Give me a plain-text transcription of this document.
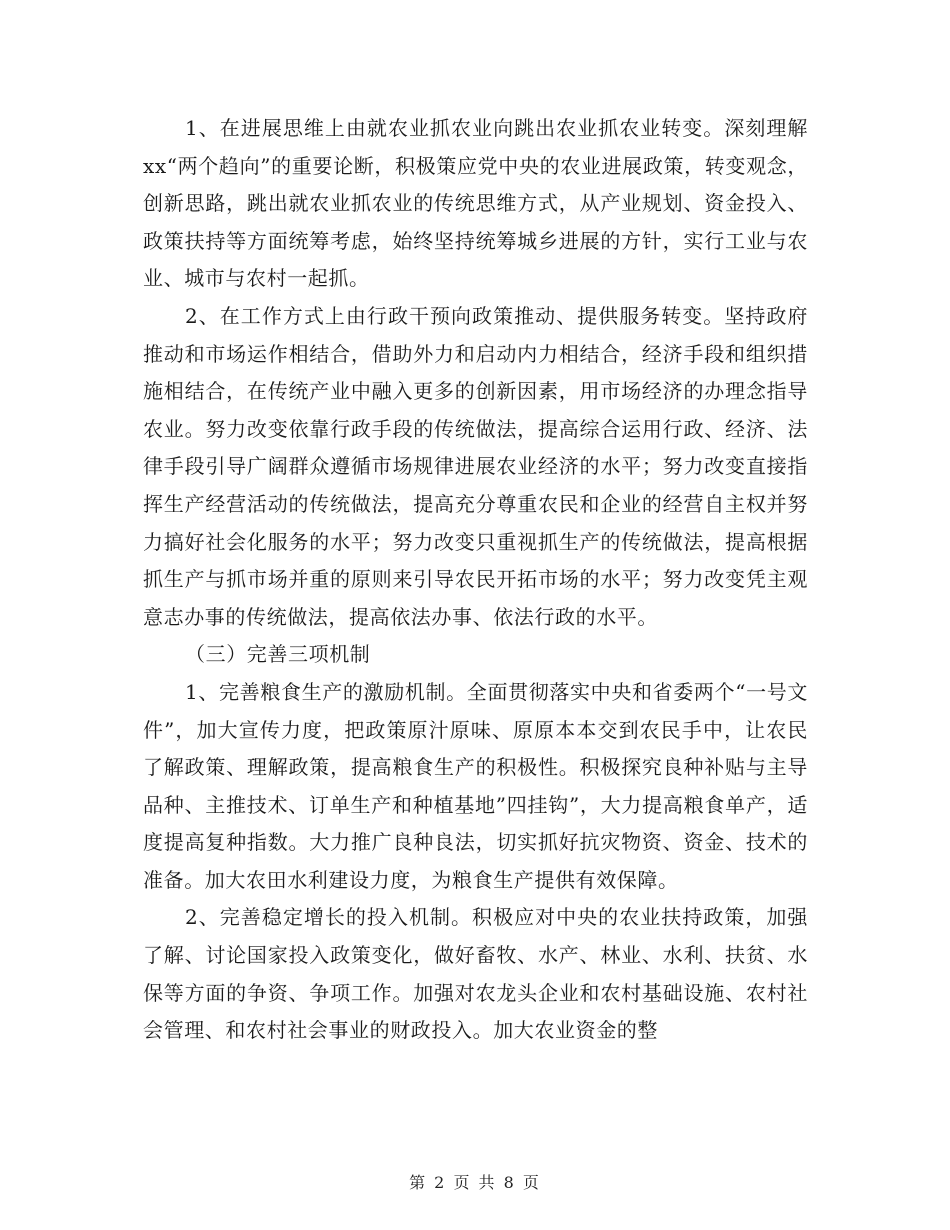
1、在进展思维上由就农业抓农业向跳出农业抓农业转变。深刻理解xx“两个趋向”的重要论断，积极策应党中央的农业进展政策，转变观念，创新思路，跳出就农业抓农业的传统思维方式，从产业规划、资金投入、政策扶持等方面统筹考虑，始终坚持统筹城乡进展的方针，实行工业与农业、城市与农村一起抓。

2、在工作方式上由行政干预向政策推动、提供服务转变。坚持政府推动和市场运作相结合，借助外力和启动内力相结合，经济手段和组织措施相结合，在传统产业中融入更多的创新因素，用市场经济的办理念指导农业。努力改变依靠行政手段的传统做法，提高综合运用行政、经济、法律手段引导广阔群众遵循市场规律进展农业经济的水平；努力改变直接指挥生产经营活动的传统做法，提高充分尊重农民和企业的经营自主权并努力搞好社会化服务的水平；努力改变只重视抓生产的传统做法，提高根据抓生产与抓市场并重的原则来引导农民开拓市场的水平；努力改变凭主观意志办事的传统做法，提高依法办事、依法行政的水平。

（三）完善三项机制

1、完善粮食生产的激励机制。全面贯彻落实中央和省委两个“一号文件”，加大宣传力度，把政策原汁原味、原原本本交到农民手中，让农民了解政策、理解政策，提高粮食生产的积极性。积极探究良种补贴与主导品种、主推技术、订单生产和种植基地”四挂钩”，大力提高粮食单产，适度提高复种指数。大力推广良种良法，切实抓好抗灾物资、资金、技术的准备。加大农田水利建设力度，为粮食生产提供有效保障。

2、完善稳定增长的投入机制。积极应对中央的农业扶持政策，加强了解、讨论国家投入政策变化，做好畜牧、水产、林业、水利、扶贫、水保等方面的争资、争项工作。加强对农龙头企业和农村基础设施、农村社会管理、和农村社会事业的财政投入。加大农业资金的整

第 2 页 共 8 页
